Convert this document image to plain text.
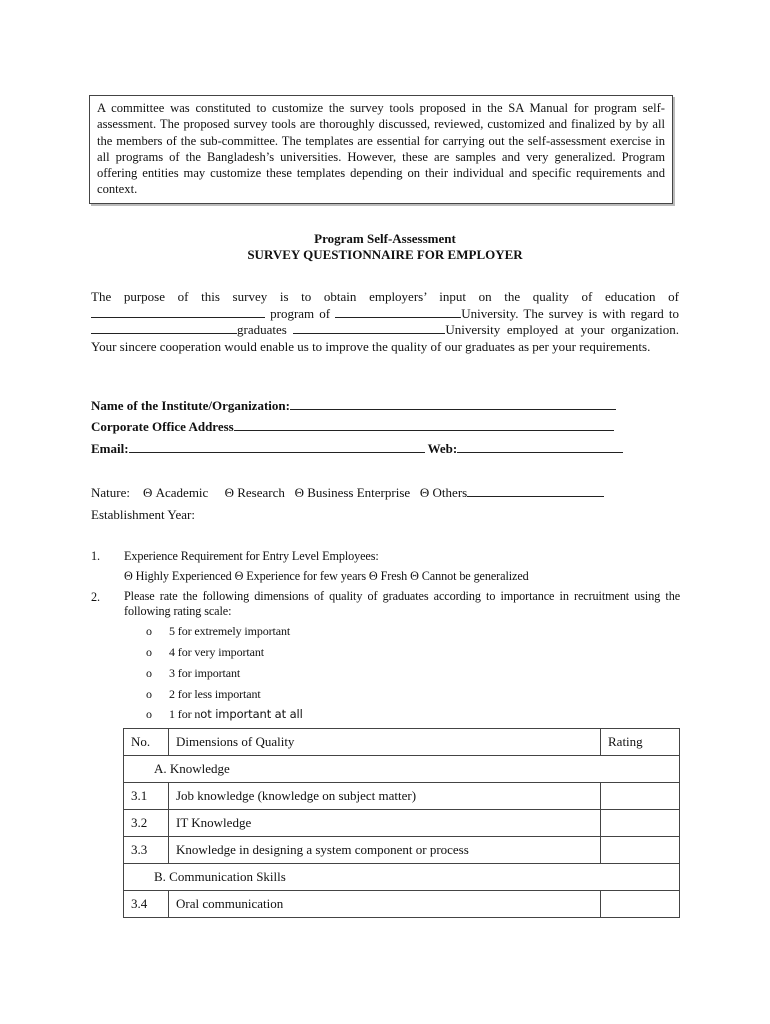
A committee was constituted to customize the survey tools proposed in the SA Manual for program self-assessment. The proposed survey tools are thoroughly discussed, reviewed, customized and finalized by by all the members of the sub-committee. The templates are essential for carrying out the self-assessment exercise in all programs of the Bangladesh’s universities. However, these are samples and very generalized. Program offering entities may customize these templates depending on their individual and specific requirements and context.
Program Self-Assessment
SURVEY QUESTIONNAIRE FOR EMPLOYER
The purpose of this survey is to obtain employers’ input on the quality of education of  program of	University. The survey is with regard to graduates	University employed at your organization. Your sincere cooperation would enable us to improve the quality of our graduates as per your requirements.
Name of the Institute/Organization:
Corporate Office Address
Email:	Web:
Nature: Θ Academic Θ Research Θ Business Enterprise Θ Others
Establishment Year:
1. Experience Requirement for Entry Level Employees:
Θ Highly Experienced Θ Experience for few years Θ Fresh Θ Cannot be generalized
2. Please rate the following dimensions of quality of graduates according to importance in recruitment using the following rating scale:
o 5 for extremely important
o 4 for very important
o 3 for important
o 2 for less important
o 1 for not important at all
No.	Dimensions of Quality	Rating
A. Knowledge		
3.1	Job knowledge (knowledge on subject matter)	
3.2	IT Knowledge	
3.3	Knowledge in designing a system component or process	
B. Communication Skills		
3.4	Oral communication	
